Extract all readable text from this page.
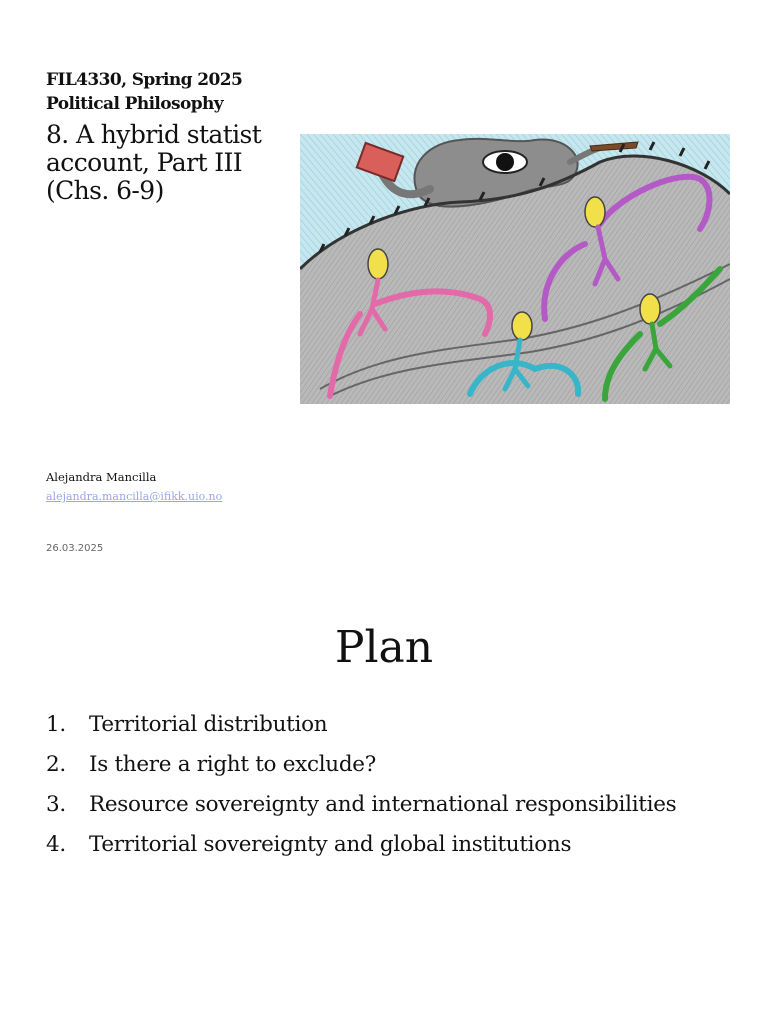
FIL4330, Spring 2025
Political Philosophy
8. A hybrid statist account, Part III (Chs. 6-9)
Alejandra Mancilla
alejandra.mancilla@ifikk.uio.no
26.03.2025
Plan
1.	Territorial distribution
2.	Is there a right to exclude?
3.	Resource sovereignty and international responsibilities
4.	Territorial sovereignty and global institutions
